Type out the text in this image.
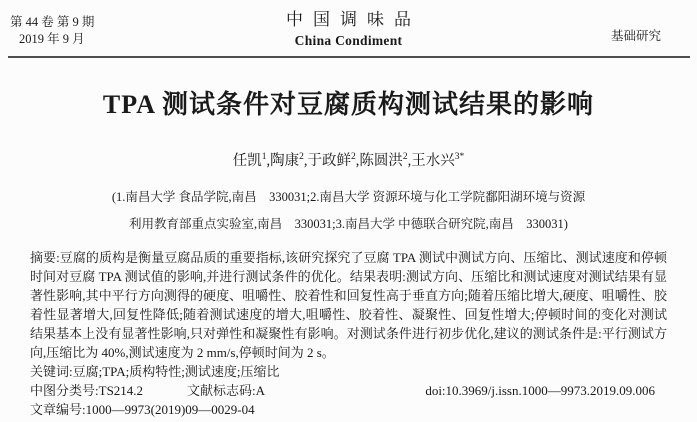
第 44 卷 第 9 期
2019 年 9 月
中国调味品
China Condiment	基础研究
TPA 测试条件对豆腐质构测试结果的影响
任凯$^1$,陶康$^2$,于政鲜$^2$,陈圆洪$^2$,王水兴$^{3*}$
(1.南昌大学 食品学院,南昌　330031;2.南昌大学 资源环境与化工学院鄱阳湖环境与资源
利用教育部重点实验室,南昌　330031;3.南昌大学 中德联合研究院,南昌　330031)

摘要:豆腐的质构是衡量豆腐品质的重要指标,该研究探究了豆腐 TPA 测试中测试方向、压缩比、测试速度和停顿时间对豆腐 TPA 测试值的影响,并进行测试条件的优化。结果表明:测试方向、压缩比和测试速度对测试结果有显著性影响,其中平行方向测得的硬度、咀嚼性、胶着性和回复性高于垂直方向;随着压缩比增大,硬度、咀嚼性、胶着性显著增大,回复性降低;随着测试速度的增大,咀嚼性、胶着性、凝聚性、回复性增大;停顿时间的变化对测试结果基本上没有显著性影响,只对弹性和凝聚性有影响。对测试条件进行初步优化,建议的测试条件是:平行测试方向,压缩比为 40%,测试速度为 2 mm/s,停顿时间为 2 s。

关键词:豆腐;TPA;质构特性;测试速度;压缩比
中图分类号:TS214.2	文献标志码:A	doi:10.3969/j.issn.1000—9973.2019.09.006
文章编号:1000—9973(2019)09—0029-04
